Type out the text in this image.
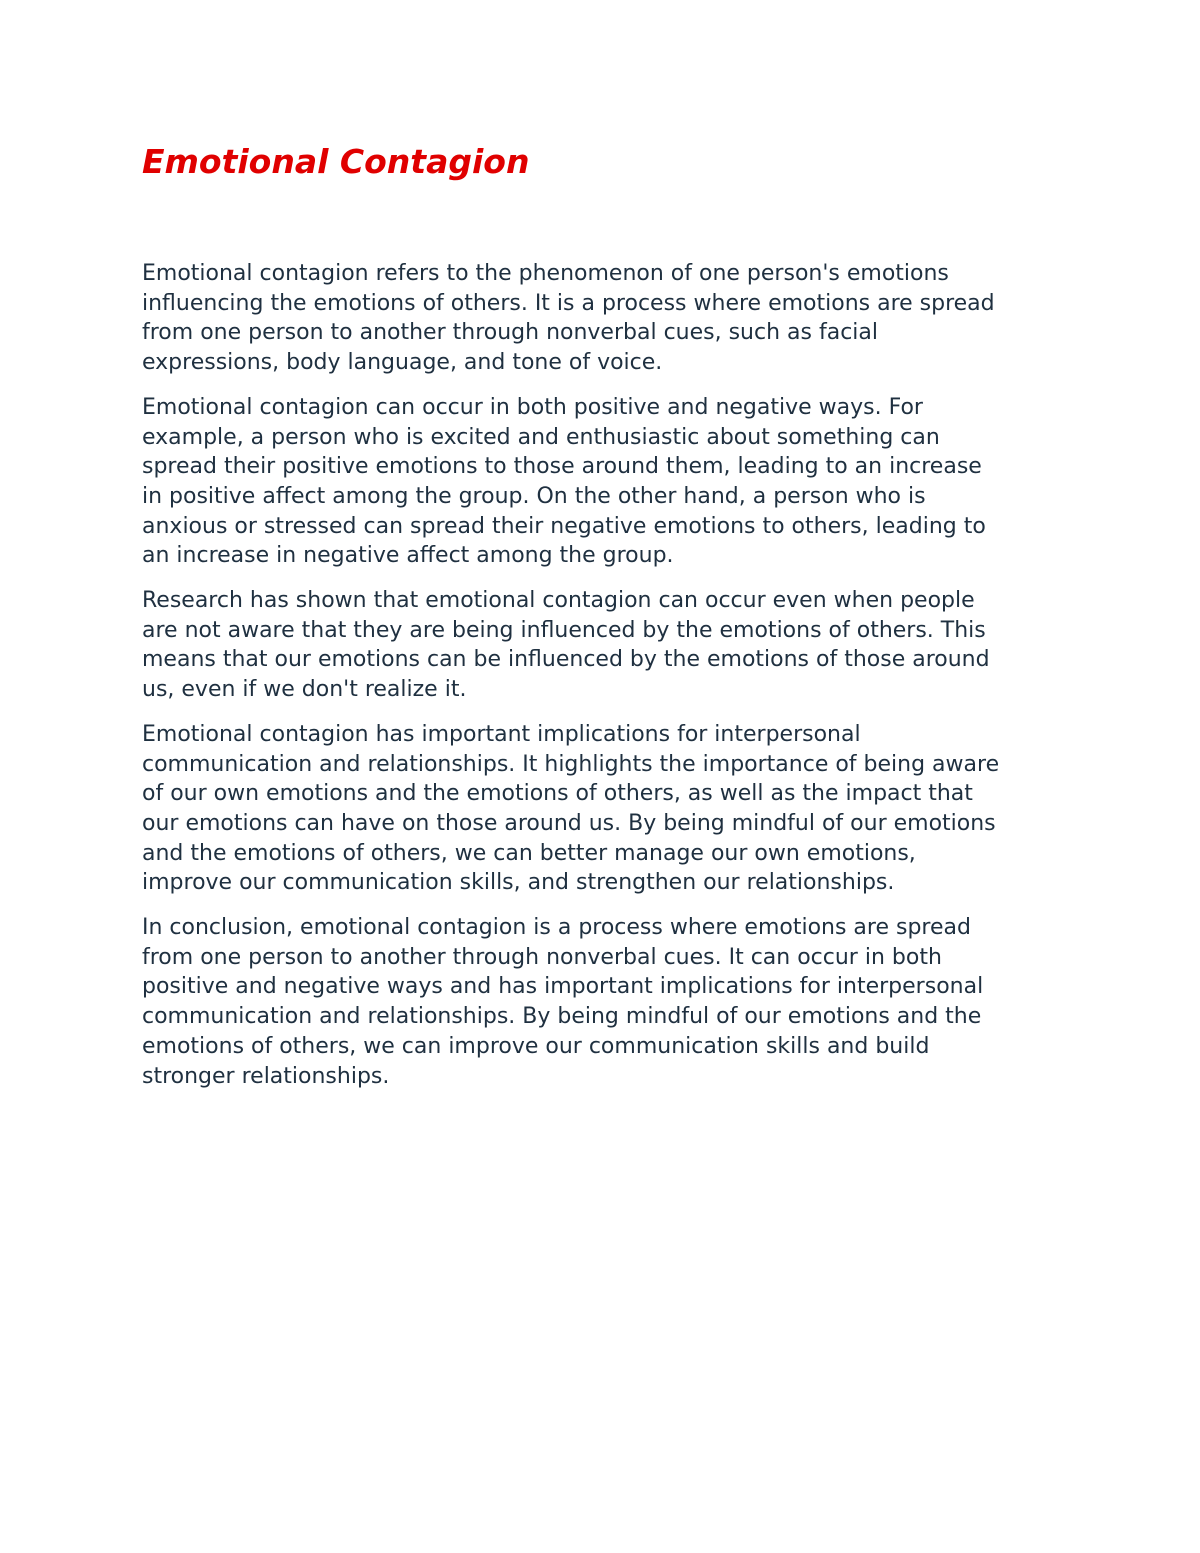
Emotional Contagion

Emotional contagion refers to the phenomenon of one person's emotions
influencing the emotions of others. It is a process where emotions are spread
from one person to another through nonverbal cues, such as facial
expressions, body language, and tone of voice.

Emotional contagion can occur in both positive and negative ways. For
example, a person who is excited and enthusiastic about something can
spread their positive emotions to those around them, leading to an increase
in positive affect among the group. On the other hand, a person who is
anxious or stressed can spread their negative emotions to others, leading to
an increase in negative affect among the group.

Research has shown that emotional contagion can occur even when people
are not aware that they are being influenced by the emotions of others. This
means that our emotions can be influenced by the emotions of those around
us, even if we don't realize it.

Emotional contagion has important implications for interpersonal
communication and relationships. It highlights the importance of being aware
of our own emotions and the emotions of others, as well as the impact that
our emotions can have on those around us. By being mindful of our emotions
and the emotions of others, we can better manage our own emotions,
improve our communication skills, and strengthen our relationships.

In conclusion, emotional contagion is a process where emotions are spread
from one person to another through nonverbal cues. It can occur in both
positive and negative ways and has important implications for interpersonal
communication and relationships. By being mindful of our emotions and the
emotions of others, we can improve our communication skills and build
stronger relationships.
